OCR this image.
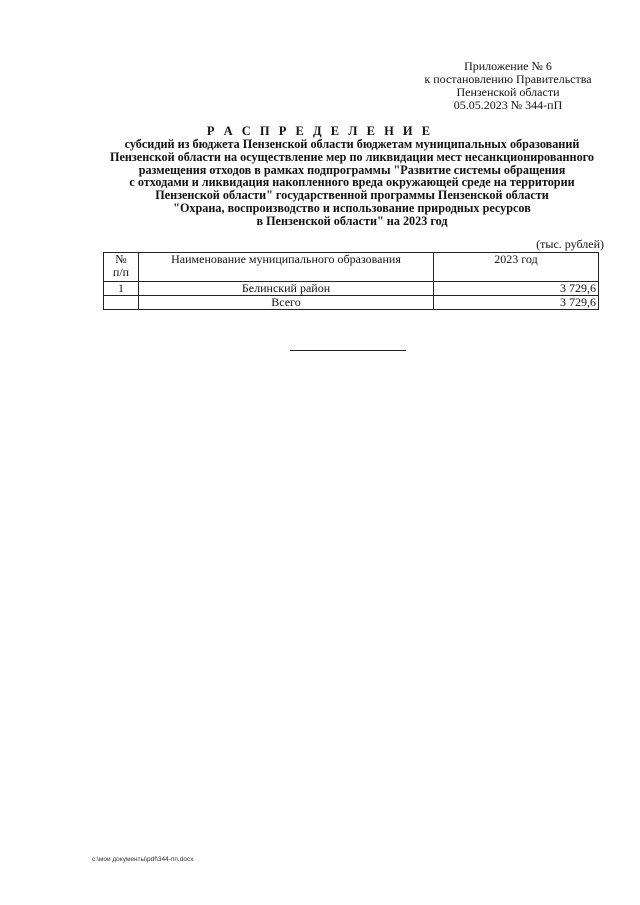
Приложение № 6
к постановлению Правительства
Пензенской области
05.05.2023 № 344-пП
Р А С П Р Е Д Е Л Е Н И Е
субсидий из бюджета Пензенской области бюджетам муниципальных образований
Пензенской области на осуществление мер по ликвидации мест несанкционированного
размещения отходов в рамках подпрограммы "Развитие системы обращения
с отходами и ликвидация накопленного вреда окружающей среде на территории
Пензенской области" государственной программы Пензенской области
"Охрана, воспроизводство и использование природных ресурсов
в Пензенской области" на 2023 год
(тыс. рублей)
№
п/п	Наименование муниципального образования	2023 год
1	Белинский район	3 729,6
	Всего	3 729,6
c:\мои документы\pdf\344-пп.docx
